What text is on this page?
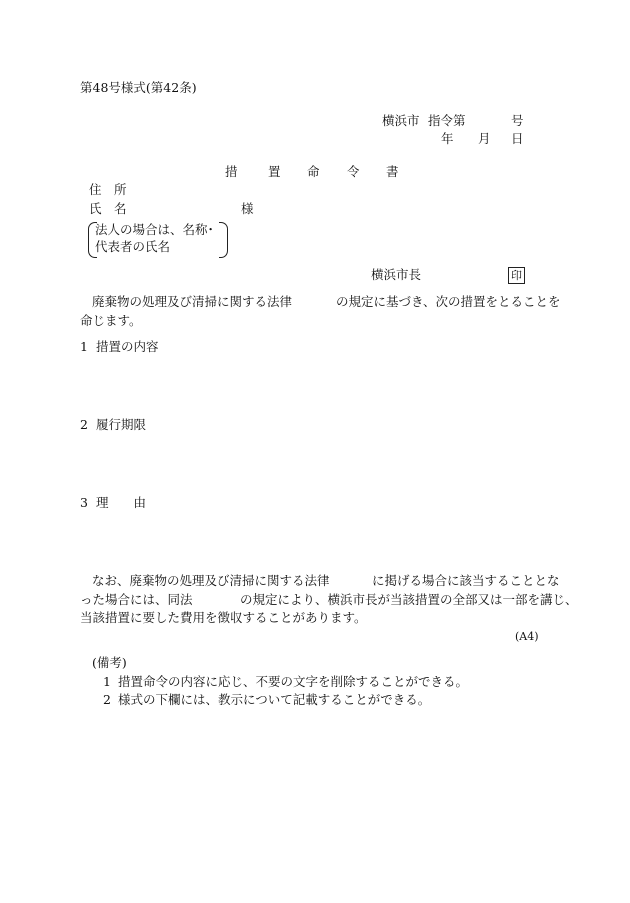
第48号様式(第42条)
横浜市 指令第	号
年 月 日
措 置 命 令 書
住　所
氏　名	様
法人の場合は、名称･
代表者の氏名
横浜市長	印
廃棄物の処理及び清掃に関する法律	の規定に基づき、次の措置をとることを
命じます。
1 措置の内容
2 履行期限
3 理　　由
なお、廃棄物の処理及び清掃に関する法律	に掲げる場合に該当することとな
った場合には、同法	の規定により、横浜市長が当該措置の全部又は一部を講じ、
当該措置に要した費用を徴収することがあります。
(A4)
(備考)
1 措置命令の内容に応じ、不要の文字を削除することができる。
2 様式の下欄には、教示について記載することができる。
